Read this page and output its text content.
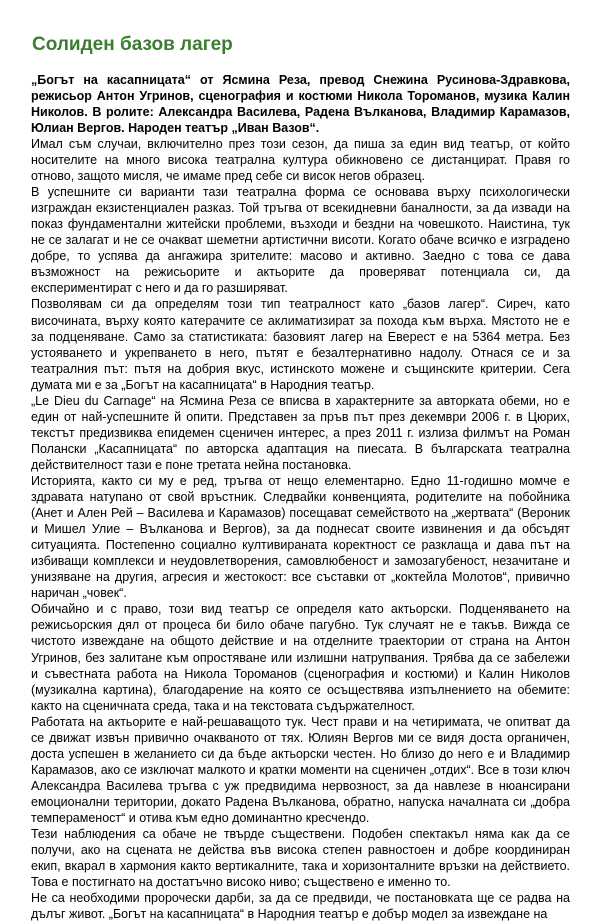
Солиден базов лагер

„Богът на касапницата“ от Ясмина Реза, превод Снежина Русинова-Здравкова, режисьор Антон Угринов, сценография и костюми Никола Тороманов, музика Калин Николов. В ролите: Александра Василева, Радена Вълканова, Владимир Карамазов, Юлиан Вергов. Народен театър „Иван Вазов“.

Имал съм случаи, включително през този сезон, да пиша за един вид театър, от който носителите на много висока театрална култура обикновено се дистанцират. Правя го отново, защото мисля, че имаме пред себе си висок негов образец.

В успешните си варианти тази театрална форма се основава върху психологически изграждан екзистенциален разказ. Той тръгва от всекидневни баналности, за да извади на показ фундаментални житейски проблеми, възходи и бездни на човешкото. Наистина, тук не се залагат и не се очакват шеметни артистични висоти. Когато обаче всичко е изградено добре, то успява да ангажира зрителите: масово и активно. Заедно с това се дава възможност на режисьорите и актьорите да проверяват потенциала си, да експериментират с него и да го разширяват.

Позволявам си да определям този тип театралност като „базов лагер“. Сиреч, като височината, върху която катерачите се аклиматизират за похода към върха. Мястото не е за подценяване. Само за статистиката: базовият лагер на Еверест е на 5364 метра. Без устояването и укрепването в него, пътят е безалтернативно надолу. Отнася се и за театралния път: пътя на добрия вкус, истинското можене и същинските критерии. Сега думата ми е за „Богът на касапницата“ в Народния театър.

„Le Dieu du Carnage“ на Ясмина Реза се вписва в характерните за авторката обеми, но е един от най-успешните й опити. Представен за пръв път през декември 2006 г. в Цюрих, текстът предизвиква епидемен сценичен интерес, а през 2011 г. излиза филмът на Роман Полански „Касапницата“ по авторска адаптация на пиесата. В българската театрална действителност тази е поне третата нейна постановка.

Историята, както си му е ред, тръгва от нещо елементарно. Едно 11-годишно момче е здравата натупано от свой връстник. Следвайки конвенцията, родителите на побойника (Анет и Ален Рей – Василева и Карамазов) посещават семейството на „жертвата“ (Вероник и Мишел Улие – Вълканова и Вергов), за да поднесат своите извинения и да обсъдят ситуацията. Постепенно социално култивираната коректност се разклаща и дава път на избиващи комплекси и неудовлетворения, самовлюбеност и замозагубеност, незачитане и унизяване на другия, агресия и жестокост: все съставки от „коктейла Молотов“, привично наричан „човек“.

Обичайно и с право, този вид театър се определя като актьорски. Подценяването на режисьорския дял от процеса би било обаче пагубно. Тук случаят не е такъв. Вижда се чистото извеждане на общото действие и на отделните траектории от страна на Антон Угринов, без залитане към опростяване или излишни натрупвания. Трябва да се забележи и съвестната работа на Никола Тороманов (сценография и костюми) и Калин Николов (музикална картина), благодарение на която се осъществява изпълнението на обемите: както на сценичната среда, така и на текстовата съдържателност.

Работата на актьорите е най-решаващото тук. Чест прави и на четиримата, че опитват да се движат извън привично очакваното от тях. Юлиян Вергов ми се видя доста органичен, доста успешен в желанието си да бъде актьорски честен. Но близо до него е и Владимир Карамазов, ако се изключат малкото и кратки моменти на сценичен „отдих“. Все в този ключ Александра Василева тръгва с уж предвидима нервозност, за да навлезе в нюансирани емоционални територии, докато Радена Вълканова, обратно, напуска началната си „добра темпераменост“ и отива към едно доминантно кресчендо.

Тези наблюдения са обаче не твърде съществени. Подобен спектакъл няма как да се получи, ако на сцената не действа във висока степен равностоен и добре координиран екип, вкарал в хармония както вертикалните, така и хоризонталните връзки на действието. Това е постигнато на достатъчно високо ниво; съществено е именно то.

Не са необходими пророчески дарби, за да се предвиди, че постановката ще се радва на дълъг живот. „Богът на касапницата“ в Народния театър е добър модел за извеждане на
